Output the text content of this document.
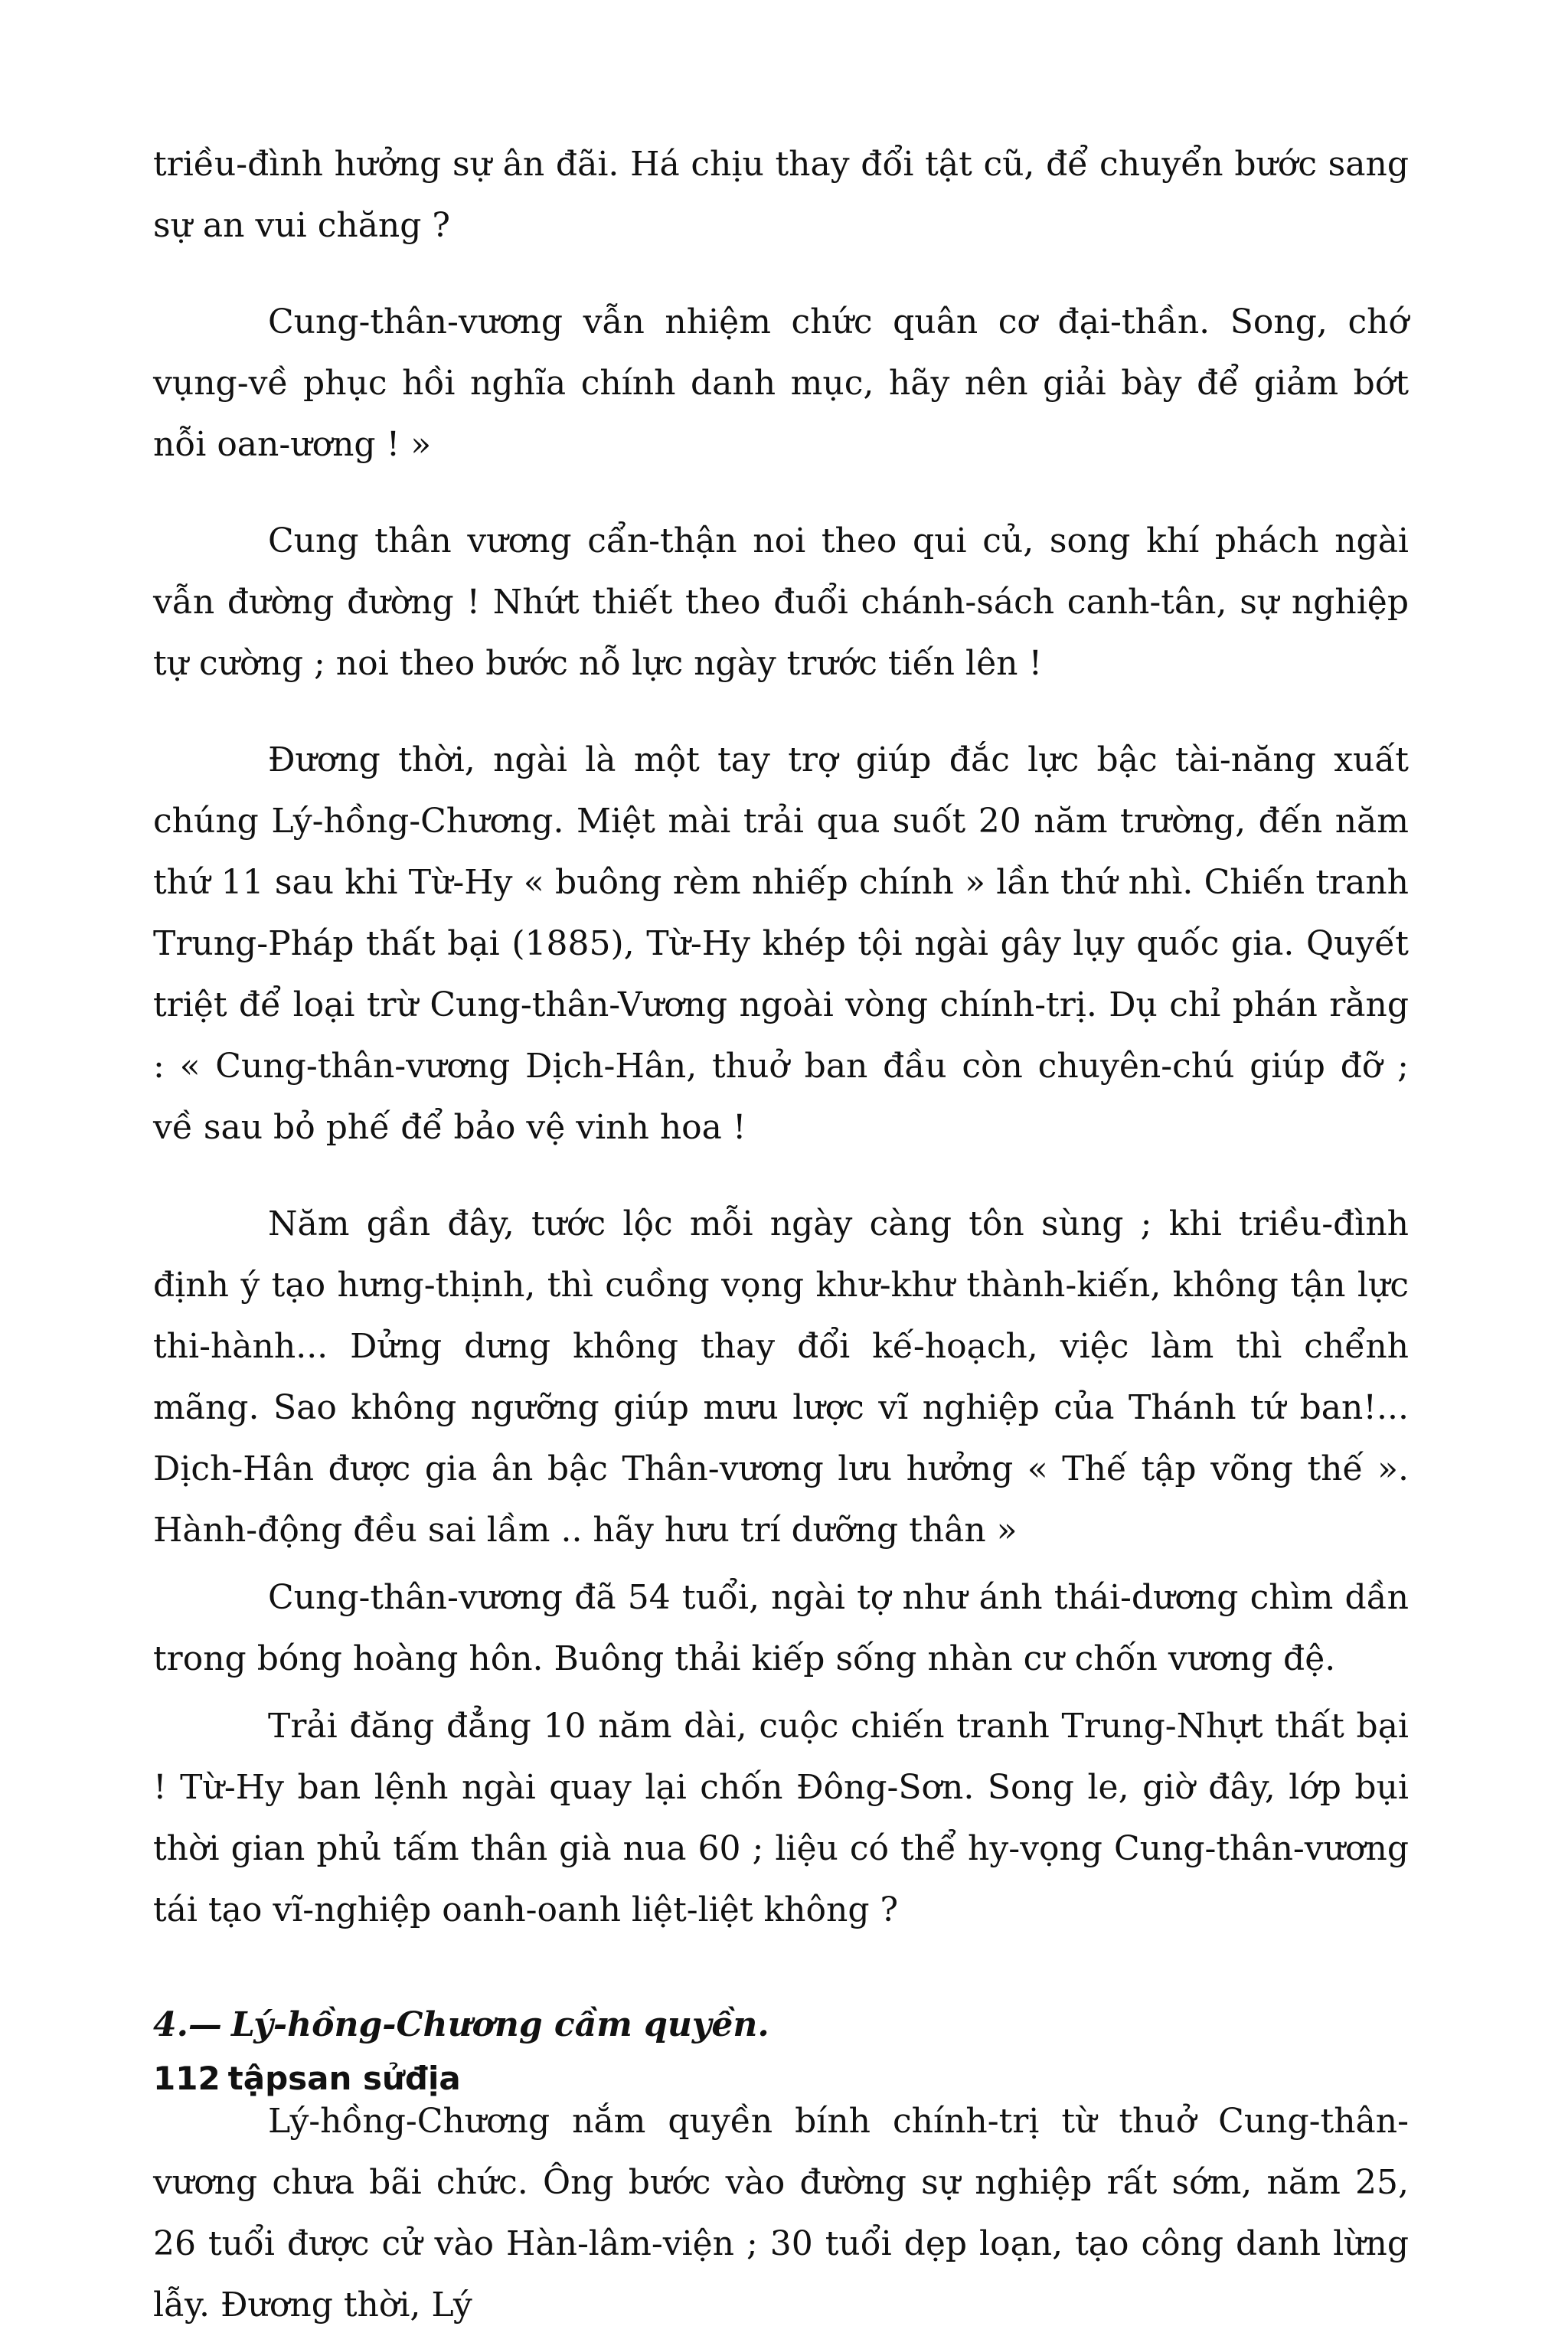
triều-đình hưởng sự ân đãi. Há chịu thay đổi tật cũ, để chuyển bước sang sự an vui chăng ?

Cung-thân-vương vẫn nhiệm chức quân cơ đại-thần. Song, chớ vụng-về phục hồi nghĩa chính danh mục, hãy nên giải bày để giảm bớt nỗi oan-ương ! »

Cung thân vương cẩn-thận noi theo qui củ, song khí phách ngài vẫn đường đường ! Nhứt thiết theo đuổi chánh-sách canh-tân, sự nghiệp tự cường ; noi theo bước nỗ lực ngày trước tiến lên !

Đương thời, ngài là một tay trợ giúp đắc lực bậc tài-năng xuất chúng Lý-hồng-Chương. Miệt mài trải qua suốt 20 năm trường, đến năm thứ 11 sau khi Từ-Hy « buông rèm nhiếp chính » lần thứ nhì. Chiến tranh Trung-Pháp thất bại (1885), Từ-Hy khép tội ngài gây lụy quốc gia. Quyết triệt để loại trừ Cung-thân-Vương ngoài vòng chính-trị. Dụ chỉ phán rằng : « Cung-thân-vương Dịch-Hân, thuở ban đầu còn chuyên-chú giúp đỡ ; về sau bỏ phế để bảo vệ vinh hoa !

Năm gần đây, tước lộc mỗi ngày càng tôn sùng ; khi triều-đình định ý tạo hưng-thịnh, thì cuồng vọng khư-khư thành-kiến, không tận lực thi-hành... Dửng dưng không thay đổi kế-hoạch, việc làm thì chểnh mãng. Sao không ngưỡng giúp mưu lược vĩ nghiệp của Thánh tứ ban!... Dịch-Hân được gia ân bậc Thân-vương lưu hưởng « Thế tập võng thế ». Hành-động đều sai lầm .. hãy hưu trí dưỡng thân »

Cung-thân-vương đã 54 tuổi, ngài tợ như ánh thái-dương chìm dần trong bóng hoàng hôn. Buông thải kiếp sống nhàn cư chốn vương đệ.

Trải đăng đẳng 10 năm dài, cuộc chiến tranh Trung-Nhựt thất bại ! Từ-Hy ban lệnh ngài quay lại chốn Đông-Sơn. Song le, giờ đây, lớp bụi thời gian phủ tấm thân già nua 60 ; liệu có thể hy-vọng Cung-thân-vương tái tạo vĩ-nghiệp oanh-oanh liệt-liệt không ?

4.— Lý-hồng-Chương cầm quyền.

Lý-hồng-Chương nắm quyền bính chính-trị từ thuở Cung-thân-vương chưa bãi chức. Ông bước vào đường sự nghiệp rất sớm, năm 25, 26 tuổi được cử vào Hàn-lâm-viện ; 30 tuổi dẹp loạn, tạo công danh lừng lẫy. Đương thời, Lý

112 tậpsan sửđịa
